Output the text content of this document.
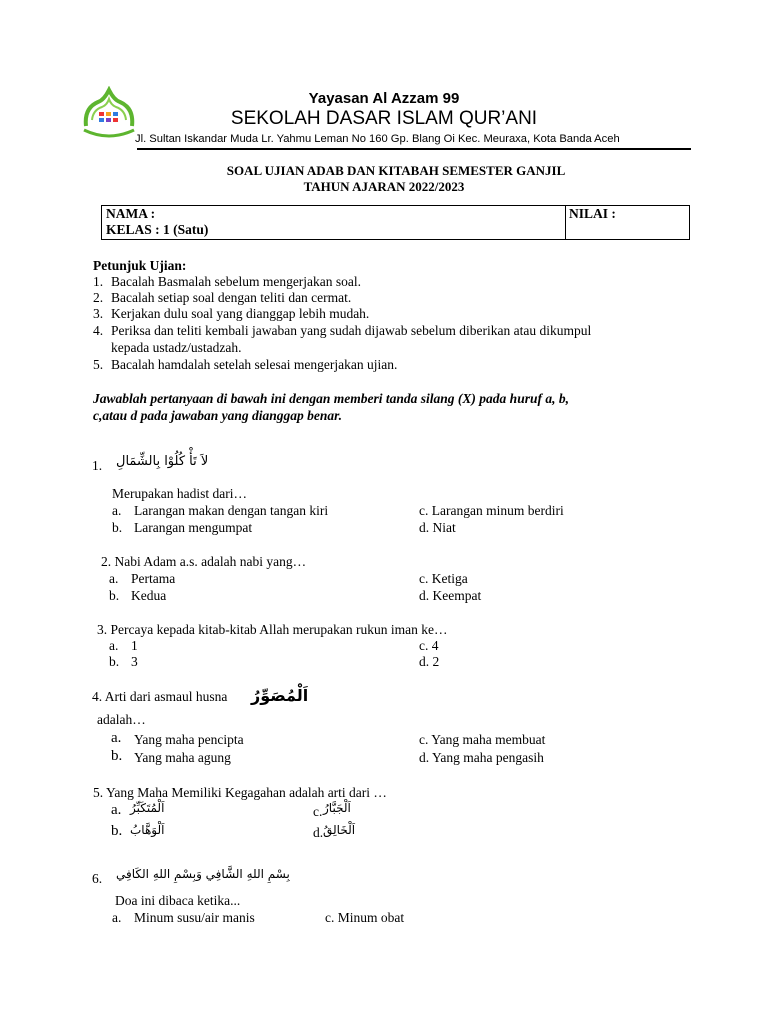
Yayasan Al Azzam 99
SEKOLAH DASAR ISLAM QUR’ANI
Jl. Sultan Iskandar Muda Lr. Yahmu Leman No 160 Gp. Blang Oi Kec. Meuraxa, Kota Banda Aceh
SOAL UJIAN ADAB DAN KITABAH SEMESTER GANJIL
TAHUN AJARAN 2022/2023
NAMA :
KELAS : 1 (Satu)
NILAI :
Petunjuk Ujian:
1. Bacalah Basmalah sebelum mengerjakan soal.
2. Bacalah setiap soal dengan teliti dan cermat.
3. Kerjakan dulu soal yang dianggap lebih mudah.
4. Periksa dan teliti kembali jawaban yang sudah dijawab sebelum diberikan atau dikumpul
kepada ustadz/ustadzah.
5. Bacalah hamdalah setelah selesai mengerjakan ujian.
Jawablah pertanyaan di bawah ini dengan memberi tanda silang (X) pada huruf a, b,
c,atau d pada jawaban yang dianggap benar.
1. لاَ تَأْ كُلُوْا بِالشِّمَالِ
Merupakan hadist dari…
a. Larangan makan dengan tangan kiri
b. Larangan mengumpat
c. Larangan minum berdiri
d. Niat
2. Nabi Adam a.s. adalah nabi yang…
a. Pertama
b. Kedua
c. Ketiga
d. Keempat
3. Percaya kepada kitab-kitab Allah merupakan rukun iman ke…
a. 1
b. 3
c. 4
d. 2
4. Arti dari asmaul husna اَلْمُصَوِّرُ
adalah…
a. Yang maha pencipta
b. Yang maha agung
c. Yang maha membuat
d. Yang maha pengasih
5. Yang Maha Memiliki Kegagahan adalah arti dari …
a. اَلْمُتَكَبِّرُ
b. اَلْوَهَّابُ
c. اَلْجَبَّارُ
d. اَلْخَالِقُ
6. بِسْمِ اللهِ الشَّافِي وَبِسْمِ اللهِ الكَافِي
Doa ini dibaca ketika...
a. Minum susu/air manis	c. Minum obat
